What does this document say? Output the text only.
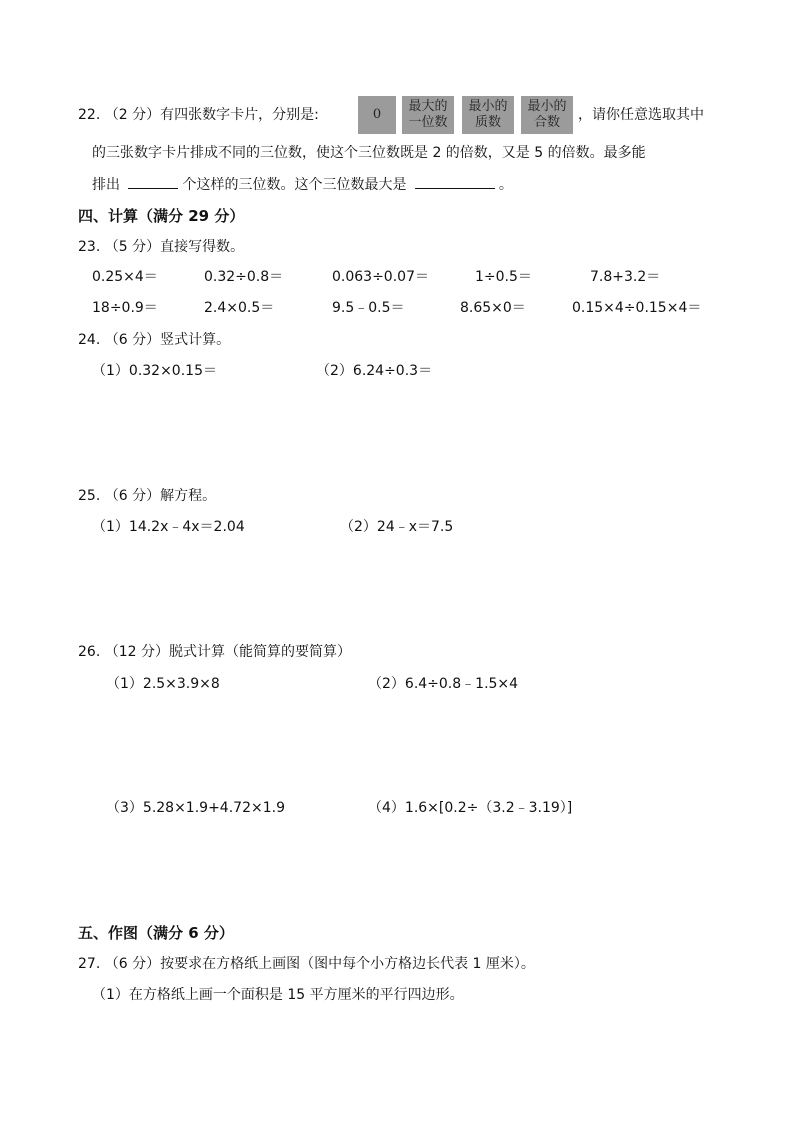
22. （2 分）有四张数字卡片，分别是:	0
最大的
一位数
最小的
质数
最小的
合数	，请你任意选取其中
的三张数字卡片排成不同的三位数，使这个三位数既是 2 的倍数，又是 5 的倍数。最多能
排出	个这样的三位数。这个三位数最大是	。
四、计算（满分 29 分）
23. （5 分）直接写得数。
0.25×4＝	0.32÷0.8＝	0.063÷0.07＝	1÷0.5＝	7.8+3.2＝
18÷0.9＝	2.4×0.5＝	9.5﹣0.5＝	8.65×0＝	0.15×4÷0.15×4＝
24. （6 分）竖式计算。
（1）0.32×0.15＝	（2）6.24÷0.3＝
25. （6 分）解方程。
（1）14.2x﹣4x＝2.04	（2）24﹣x＝7.5
26. （12 分）脱式计算（能简算的要简算）
（1）2.5×3.9×8	（2）6.4÷0.8﹣1.5×4
（3）5.28×1.9+4.72×1.9	（4）1.6×[0.2÷（3.2﹣3.19）]
五、作图（满分 6 分）
27. （6 分）按要求在方格纸上画图（图中每个小方格边长代表 1 厘米）。
（1）在方格纸上画一个面积是 15 平方厘米的平行四边形。
